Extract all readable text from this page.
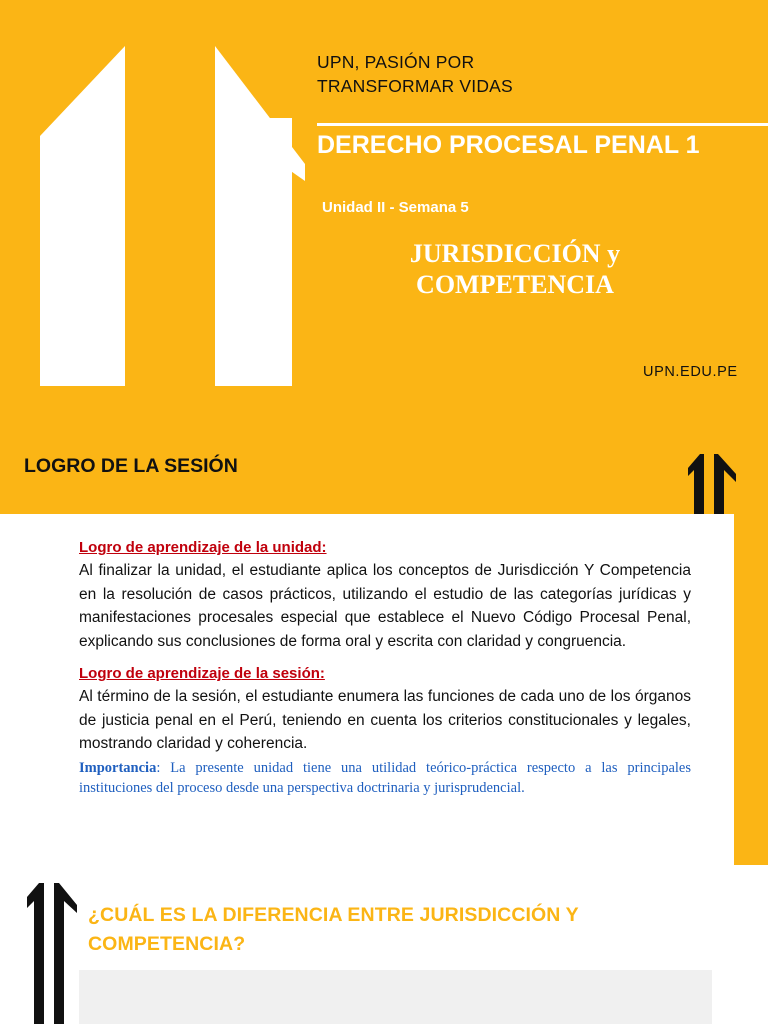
UPN, PASIÓN POR TRANSFORMAR VIDAS
DERECHO PROCESAL PENAL 1
Unidad II - Semana 5
JURISDICCIÓN y COMPETENCIA
UPN.EDU.PE
LOGRO DE LA SESIÓN
Logro de aprendizaje de la unidad:
Al finalizar la unidad, el estudiante aplica los conceptos de Jurisdicción Y Competencia en la resolución de casos prácticos, utilizando el estudio de las categorías jurídicas y manifestaciones procesales especial que establece el Nuevo Código Procesal Penal, explicando sus conclusiones de forma oral y escrita con claridad y congruencia.
Logro de aprendizaje de la sesión:
Al término de la sesión, el estudiante enumera las funciones de cada uno de los órganos de justicia penal en el Perú, teniendo en cuenta los criterios constitucionales y legales, mostrando claridad y coherencia.
Importancia: La presente unidad tiene una utilidad teórico-práctica respecto a las principales instituciones del proceso desde una perspectiva doctrinaria y jurisprudencial.
¿CUÁL ES LA DIFERENCIA ENTRE JURISDICCIÓN Y COMPETENCIA?
